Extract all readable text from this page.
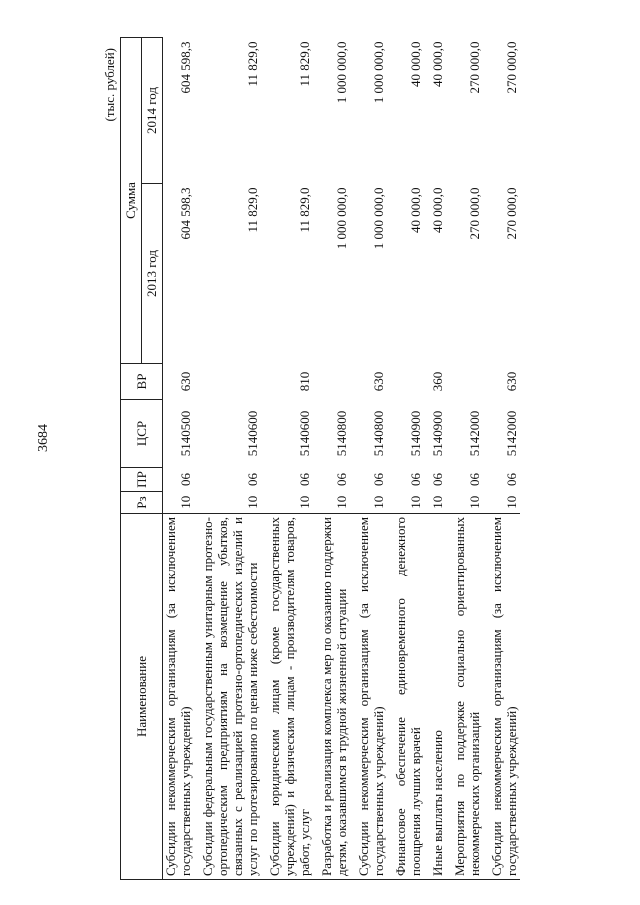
3684
(тыс. рублей)
Наименование	Рз	ПР	ЦСР	ВР	Сумма	
					2013 год	2014 год
Субсидии некоммерческим организациям (за исключением государственных учреждений)	10	06	5140500	630	604 598,3	604 598,3
Субсидии федеральным государственным унитарным протезно-ортопедическим предприятиям на возмещение убытков, связанных с реализацией протезно-ортопедических изделий и услуг по протезированию по ценам ниже себестоимости	10	06	5140600		11 829,0	11 829,0
Субсидии юридическим лицам (кроме государственных учреждений) и физическим лицам - производителям товаров, работ, услуг	10	06	5140600	810	11 829,0	11 829,0
Разработка и реализация комплекса мер по оказанию поддержки детям, оказавшимся в трудной жизненной ситуации	10	06	5140800		1 000 000,0	1 000 000,0
Субсидии некоммерческим организациям (за исключением государственных учреждений)	10	06	5140800	630	1 000 000,0	1 000 000,0
Финансовое обеспечение единовременного денежного поощрения лучших врачей	10	06	5140900		40 000,0	40 000,0
Иные выплаты населению	10	06	5140900	360	40 000,0	40 000,0
Мероприятия по поддержке социально ориентированных некоммерческих организаций	10	06	5142000		270 000,0	270 000,0
Субсидии некоммерческим организациям (за исключением государственных учреждений)	10	06	5142000	630	270 000,0	270 000,0
